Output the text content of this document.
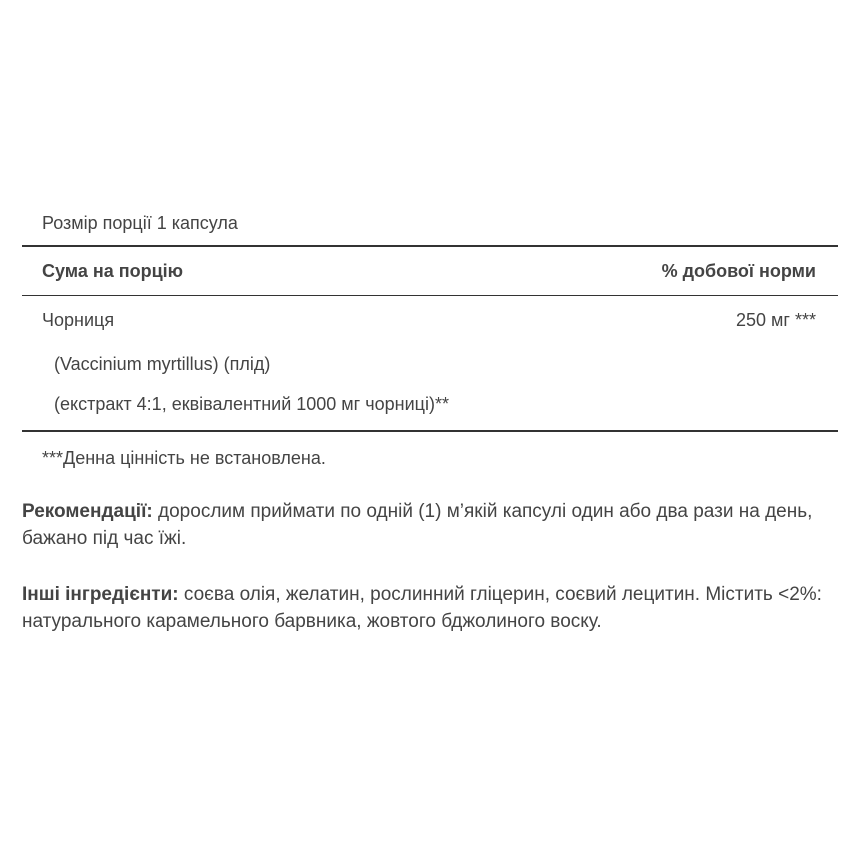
Розмір порції 1 капсула
Сума на порцію	% добової норми
Чорниця	250 мг ***
(Vaccinium myrtillus) (плід)
(екстракт 4:1, еквівалентний 1000 мг чорниці)**
***Денна цінність не встановлена.
Рекомендації: дорослим приймати по одній (1) м’якій капсулі один або два рази на день, бажано під час їжі.
Інші інгредієнти: соєва олія, желатин, рослинний гліцерин, соєвий лецитин. Містить <2%: натурального карамельного барвника, жовтого бджолиного воску.
